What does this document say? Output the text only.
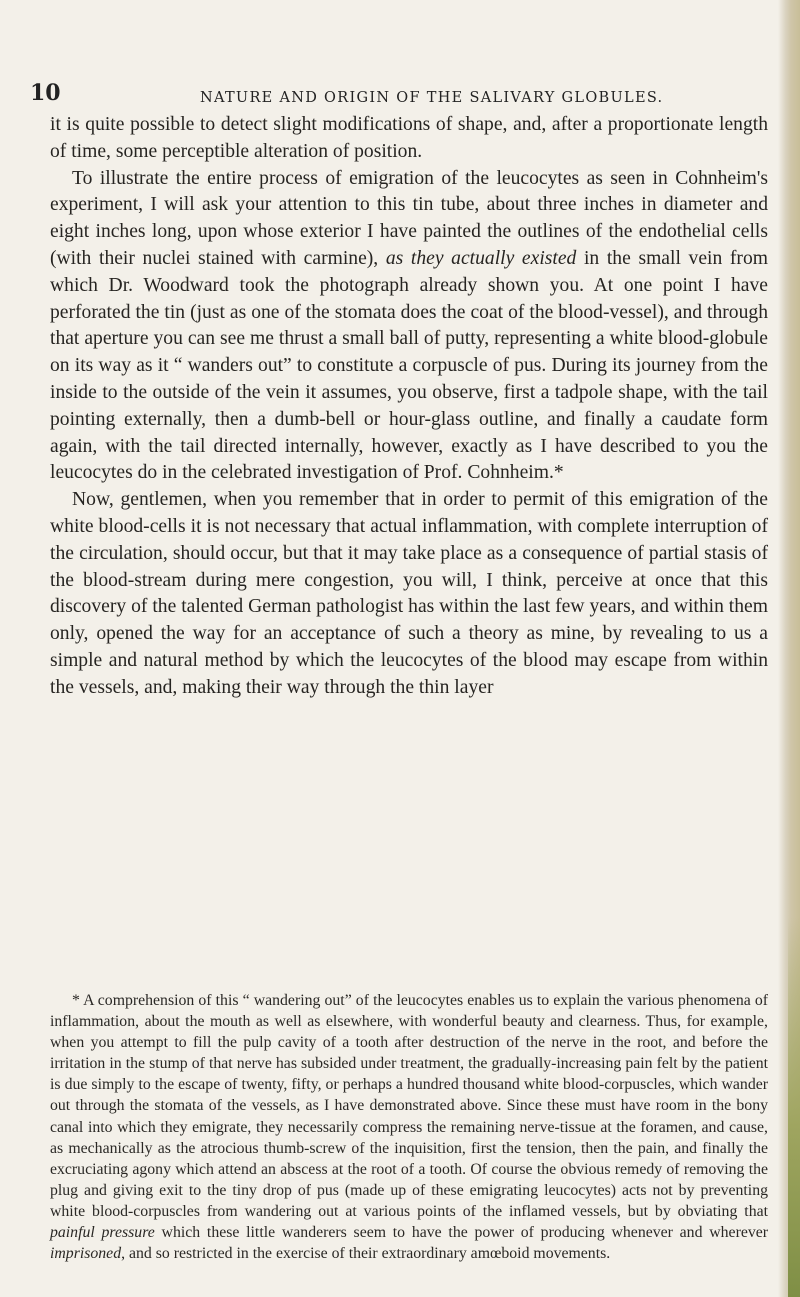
10	NATURE AND ORIGIN OF THE SALIVARY GLOBULES.

it is quite possible to detect slight modifications of shape, and, after a proportionate length of time, some perceptible alteration of position.

To illustrate the entire process of emigration of the leucocytes as seen in Cohnheim's experiment, I will ask your attention to this tin tube, about three inches in diameter and eight inches long, upon whose exterior I have painted the outlines of the endothelial cells (with their nuclei stained with carmine), as they actually existed in the small vein from which Dr. Woodward took the photograph already shown you. At one point I have perforated the tin (just as one of the stomata does the coat of the blood-vessel), and through that aperture you can see me thrust a small ball of putty, representing a white blood-globule on its way as it “ wanders out” to constitute a corpuscle of pus. During its journey from the inside to the outside of the vein it assumes, you observe, first a tadpole shape, with the tail pointing externally, then a dumb-bell or hour-glass outline, and finally a caudate form again, with the tail directed internally, however, exactly as I have described to you the leucocytes do in the celebrated investigation of Prof. Cohnheim.*

Now, gentlemen, when you remember that in order to permit of this emigration of the white blood-cells it is not necessary that actual inflammation, with complete interruption of the circulation, should occur, but that it may take place as a consequence of partial stasis of the blood-stream during mere congestion, you will, I think, perceive at once that this discovery of the talented German pathologist has within the last few years, and within them only, opened the way for an acceptance of such a theory as mine, by revealing to us a simple and natural method by which the leucocytes of the blood may escape from within the vessels, and, making their way through the thin layer

* A comprehension of this “ wandering out” of the leucocytes enables us to explain the various phenomena of inflammation, about the mouth as well as elsewhere, with wonderful beauty and clearness. Thus, for example, when you attempt to fill the pulp cavity of a tooth after destruction of the nerve in the root, and before the irritation in the stump of that nerve has subsided under treatment, the gradually-increasing pain felt by the patient is due simply to the escape of twenty, fifty, or perhaps a hundred thousand white blood-corpuscles, which wander out through the stomata of the vessels, as I have demonstrated above. Since these must have room in the bony canal into which they emigrate, they necessarily compress the remaining nerve-tissue at the foramen, and cause, as mechanically as the atrocious thumb-screw of the inquisition, first the tension, then the pain, and finally the excruciating agony which attend an abscess at the root of a tooth. Of course the obvious remedy of removing the plug and giving exit to the tiny drop of pus (made up of these emigrating leucocytes) acts not by preventing white blood-corpuscles from wandering out at various points of the inflamed vessels, but by obviating that painful pressure which these little wanderers seem to have the power of producing whenever and wherever imprisoned, and so restricted in the exercise of their extraordinary amœboid movements.
